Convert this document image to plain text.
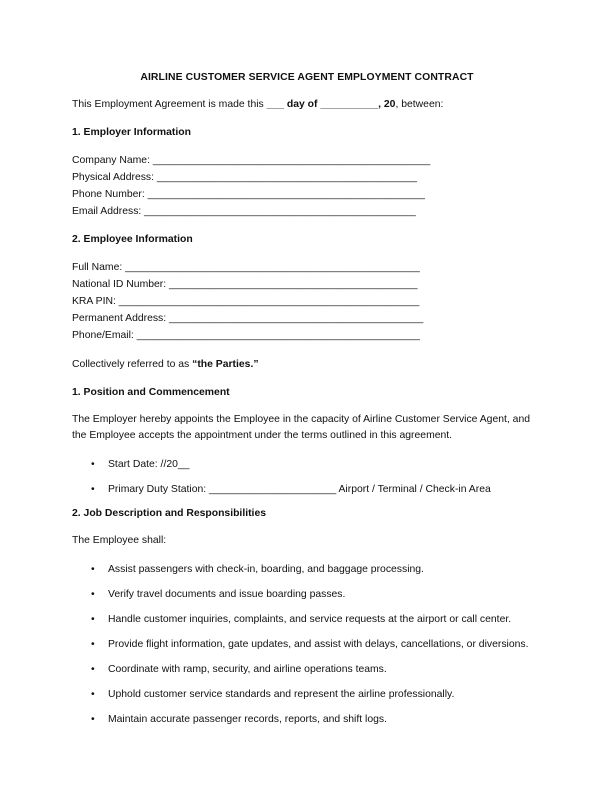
AIRLINE CUSTOMER SERVICE AGENT EMPLOYMENT CONTRACT

This Employment Agreement is made this ___ day of __________, 20, between:

1. Employer Information
Company Name: ________________________________________________
Physical Address: _____________________________________________
Phone Number: ________________________________________________
Email Address: _______________________________________________
2. Employee Information
Full Name: ___________________________________________________
National ID Number: ___________________________________________
KRA PIN: ____________________________________________________
Permanent Address: ____________________________________________
Phone/Email: _________________________________________________

Collectively referred to as “the Parties.”

1. Position and Commencement

The Employer hereby appoints the Employee in the capacity of Airline Customer Service Agent, and the Employee accepts the appointment under the terms outlined in this agreement.

• Start Date: //20__
• Primary Duty Station: ______________________ Airport / Terminal / Check-in Area
2. Job Description and Responsibilities

The Employee shall:

• Assist passengers with check-in, boarding, and baggage processing.
• Verify travel documents and issue boarding passes.
• Handle customer inquiries, complaints, and service requests at the airport or call center.
• Provide flight information, gate updates, and assist with delays, cancellations, or diversions.
• Coordinate with ramp, security, and airline operations teams.
• Uphold customer service standards and represent the airline professionally.
• Maintain accurate passenger records, reports, and shift logs.
